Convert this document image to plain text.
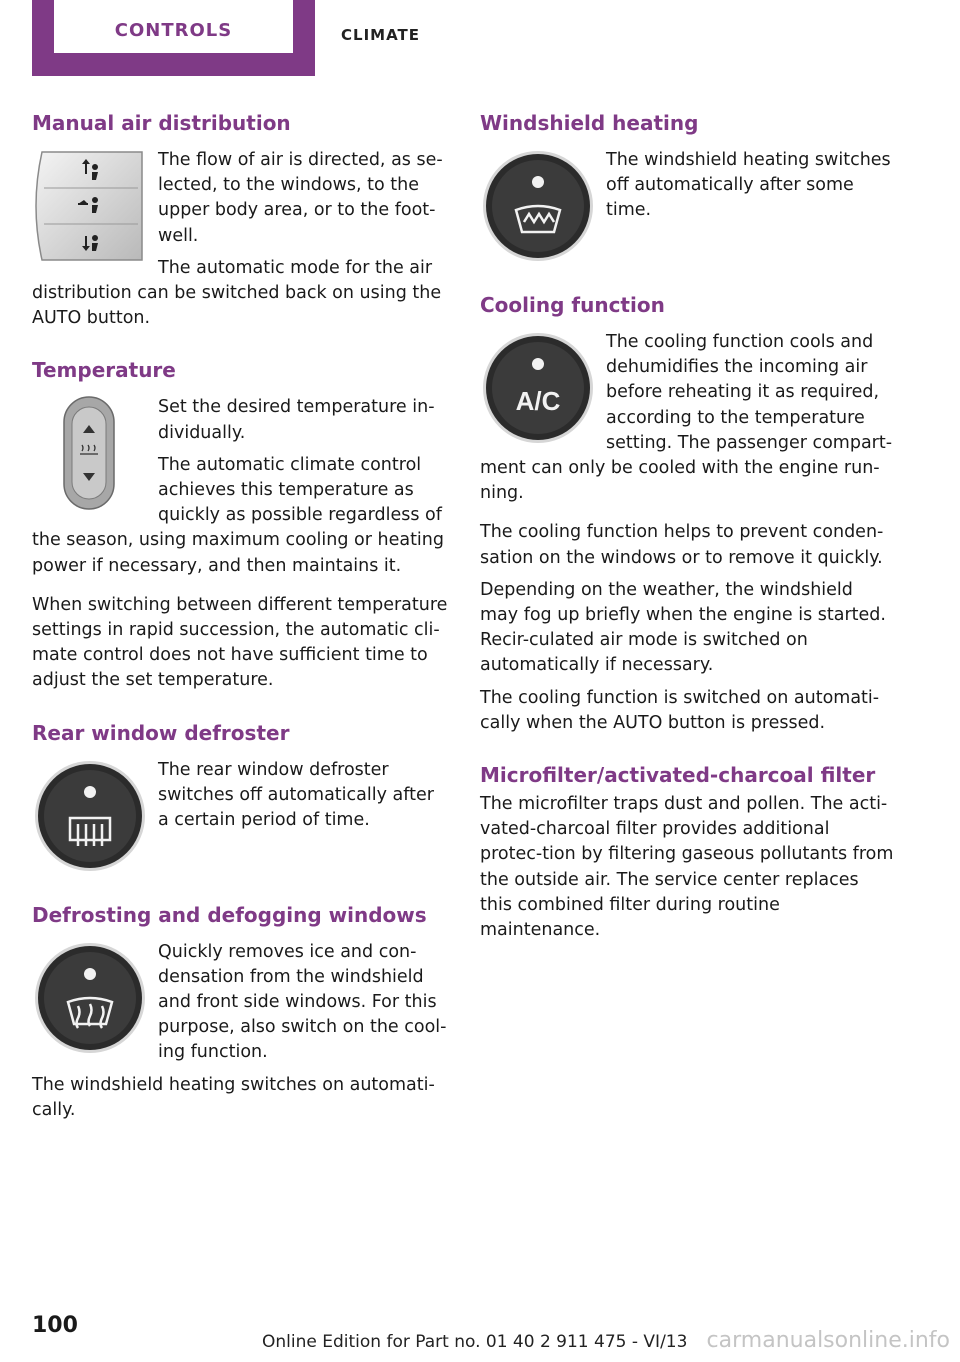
CONTROLS	CLIMATE
Manual air distribution

The flow of air is directed, as se-lected, to the windows, to the upper body area, or to the foot-well.

The automatic mode for the air distribution can be switched back on using the AUTO button.

Temperature

Set the desired temperature in-dividually.

The automatic climate control achieves this temperature as quickly as possible regardless of the season, using maximum cooling or heating power if necessary, and then maintains it.

When switching between different temperature settings in rapid succession, the automatic cli-mate control does not have sufficient time to adjust the set temperature.

Rear window defroster

The rear window defroster switches off automatically after a certain period of time.

Defrosting and defogging windows

Quickly removes ice and con-densation from the windshield and front side windows. For this purpose, also switch on the cool-ing function.

The windshield heating switches on automati-cally.

Windshield heating

The windshield heating switches off automatically after some time.

Cooling function
A/C

The cooling function cools and dehumidifies the incoming air before reheating it as required, according to the temperature setting. The passenger compart-ment can only be cooled with the engine run-ning.

The cooling function helps to prevent conden-sation on the windows or to remove it quickly.

Depending on the weather, the windshield may fog up briefly when the engine is started. Recir-culated air mode is switched on automatically if necessary.

The cooling function is switched on automati-cally when the AUTO button is pressed.

Microfilter/activated-charcoal filter

The microfilter traps dust and pollen. The acti-vated-charcoal filter provides additional protec-tion by filtering gaseous pollutants from the outside air. The service center replaces this combined filter during routine maintenance.

100
Online Edition for Part no. 01 40 2 911 475 - VI/13 carmanualsonline.info
